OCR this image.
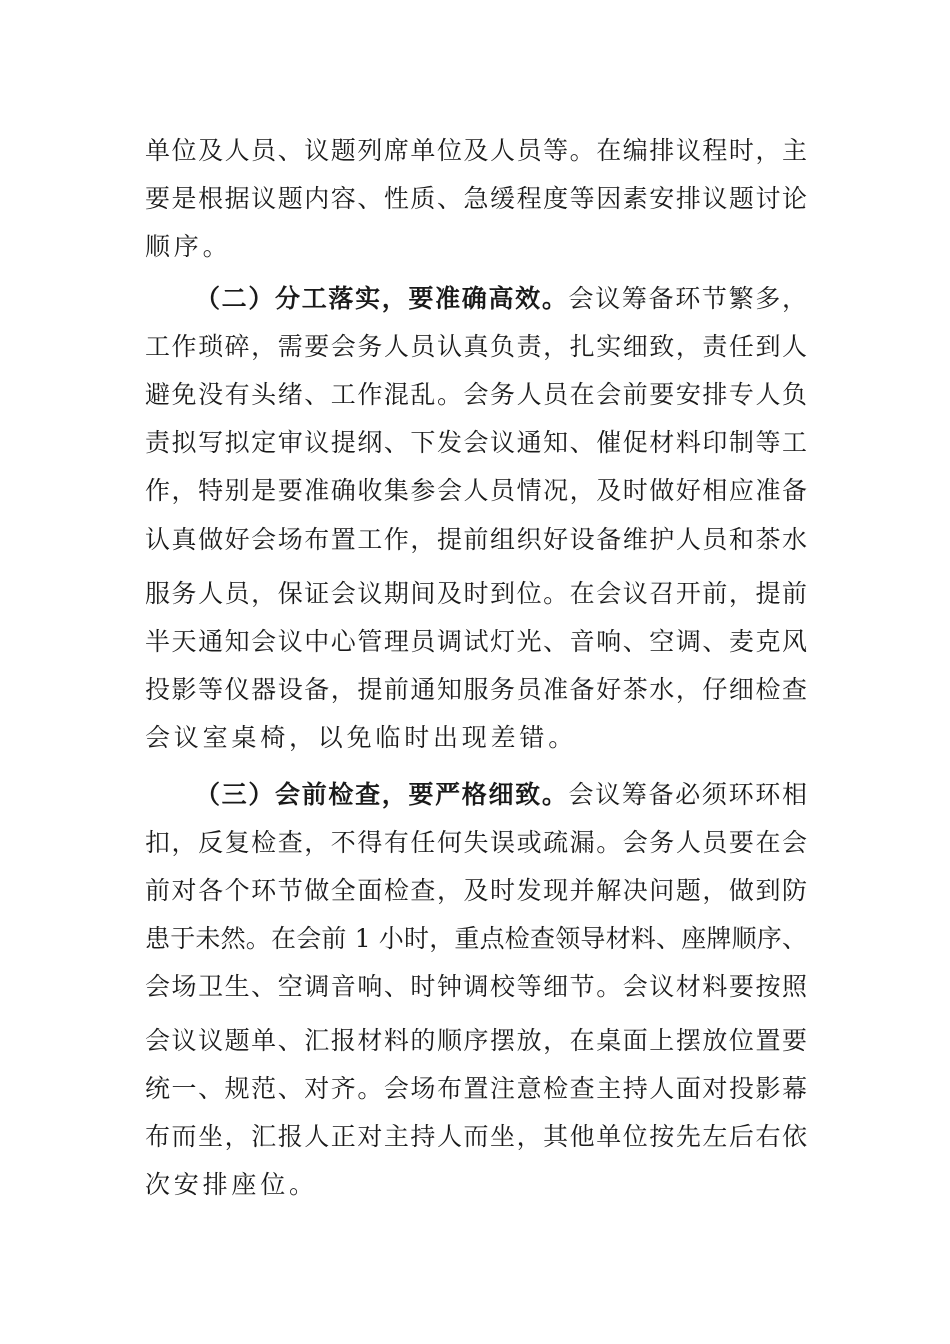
单位及人员、议题列席单位及人员等。在编排议程时，主
要是根据议题内容、性质、急缓程度等因素安排议题讨论
顺序。
（二）分工落实，要准确高效。会议筹备环节繁多，
工作琐碎，需要会务人员认真负责，扎实细致，责任到人
避免没有头绪、工作混乱。会务人员在会前要安排专人负
责拟写拟定审议提纲、下发会议通知、催促材料印制等工
作，特别是要准确收集参会人员情况，及时做好相应准备
认真做好会场布置工作，提前组织好设备维护人员和茶水
服务人员，保证会议期间及时到位。在会议召开前，提前
半天通知会议中心管理员调试灯光、音响、空调、麦克风
投影等仪器设备，提前通知服务员准备好茶水，仔细检查
会议室桌椅，以免临时出现差错。
（三）会前检查，要严格细致。会议筹备必须环环相
扣，反复检查，不得有任何失误或疏漏。会务人员要在会
前对各个环节做全面检查，及时发现并解决问题，做到防
患于未然。在会前 1 小时，重点检查领导材料、座牌顺序、
会场卫生、空调音响、时钟调校等细节。会议材料要按照
会议议题单、汇报材料的顺序摆放，在桌面上摆放位置要
统一、规范、对齐。会场布置注意检查主持人面对投影幕
布而坐，汇报人正对主持人而坐，其他单位按先左后右依
次安排座位。
